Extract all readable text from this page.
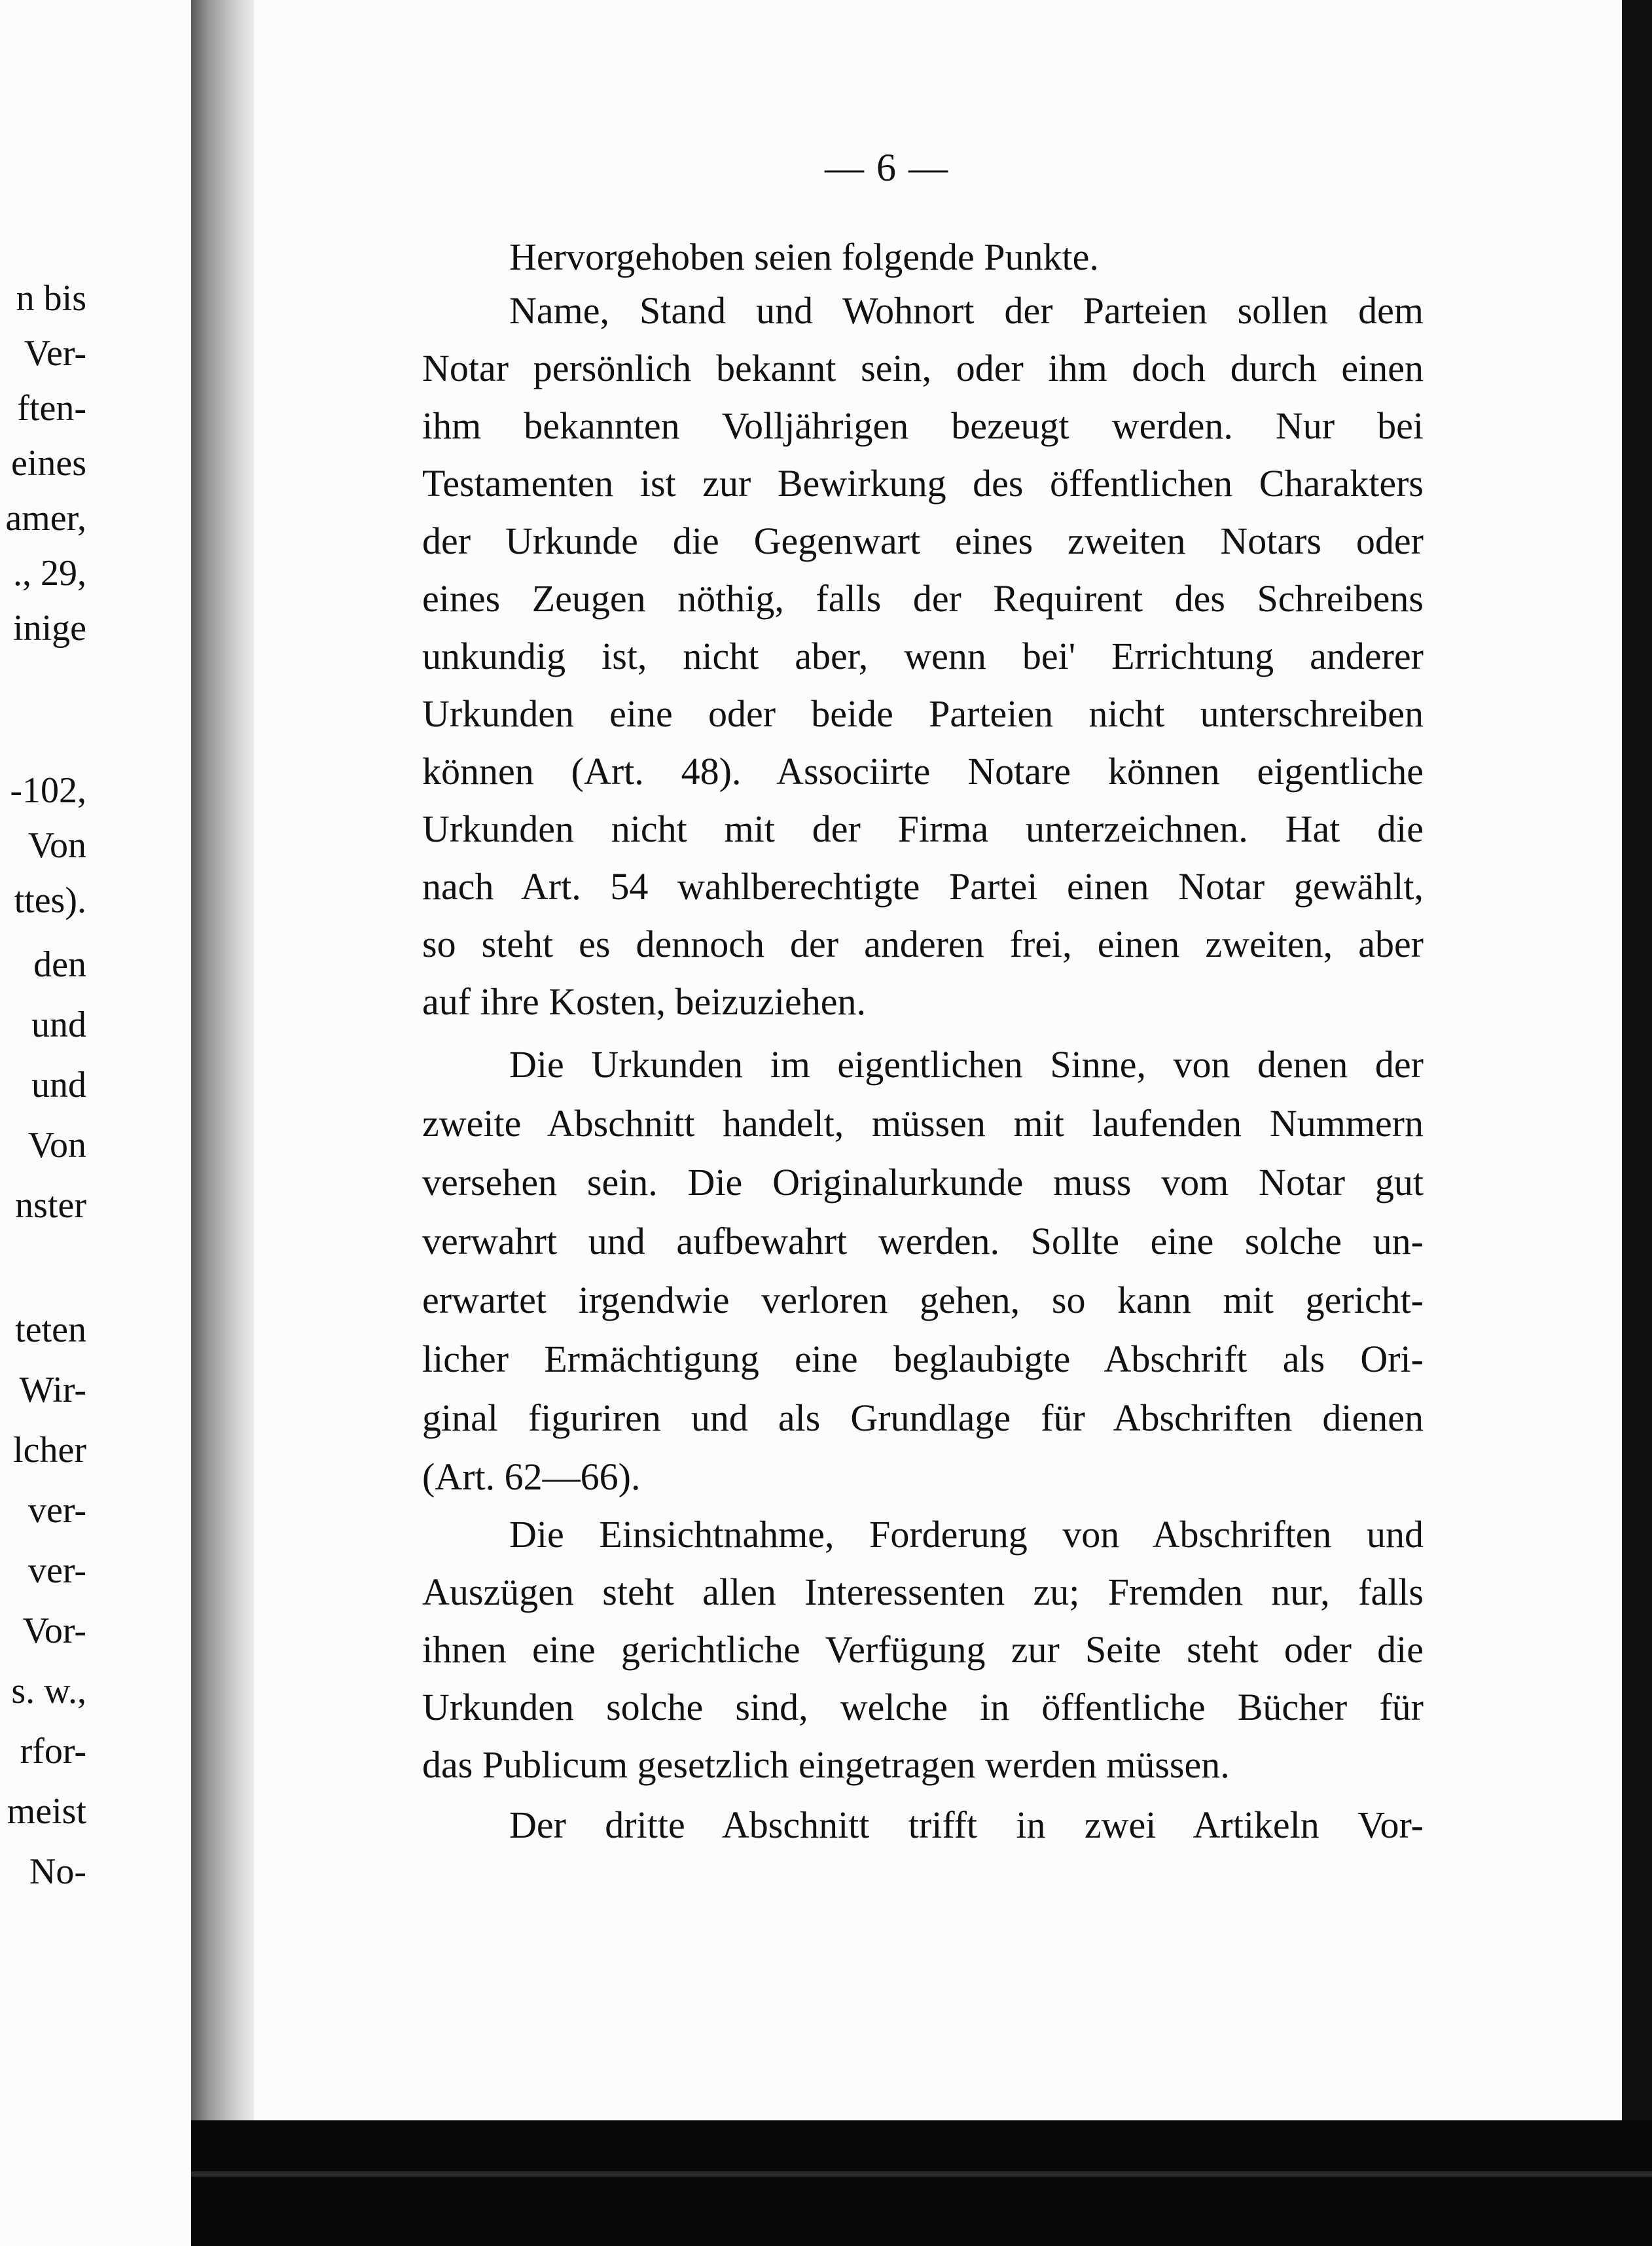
n bis
Ver-
ften-
eines
amer,
., 29,
inige
-102,
Von
ttes).
den
und
und
Von
nster
teten
Wir-
lcher
ver-
ver-
Vor-
s. w.,
rfor-
meist
No-
— 6 —
Hervorgehoben seien folgende Punkte.
Name, Stand und Wohnort der Parteien sollen dem
Notar persönlich bekannt sein, oder ihm doch durch einen
ihm bekannten Volljährigen bezeugt werden. Nur bei
Testamenten ist zur Bewirkung des öffentlichen Charakters
der Urkunde die Gegenwart eines zweiten Notars oder
eines Zeugen nöthig, falls der Requirent des Schreibens
unkundig ist, nicht aber, wenn bei' Errichtung anderer
Urkunden eine oder beide Parteien nicht unterschreiben
können (Art. 48). Associirte Notare können eigentliche
Urkunden nicht mit der Firma unterzeichnen. Hat die
nach Art. 54 wahlberechtigte Partei einen Notar gewählt,
so steht es dennoch der anderen frei, einen zweiten, aber
auf ihre Kosten, beizuziehen.
Die Urkunden im eigentlichen Sinne, von denen der
zweite Abschnitt handelt, müssen mit laufenden Nummern
versehen sein. Die Originalurkunde muss vom Notar gut
verwahrt und aufbewahrt werden. Sollte eine solche un-
erwartet irgendwie verloren gehen, so kann mit gericht-
licher Ermächtigung eine beglaubigte Abschrift als Ori-
ginal figuriren und als Grundlage für Abschriften dienen
(Art. 62—66).
Die Einsichtnahme, Forderung von Abschriften und
Auszügen steht allen Interessenten zu; Fremden nur, falls
ihnen eine gerichtliche Verfügung zur Seite steht oder die
Urkunden solche sind, welche in öffentliche Bücher für
das Publicum gesetzlich eingetragen werden müssen.
Der dritte Abschnitt trifft in zwei Artikeln Vor-
